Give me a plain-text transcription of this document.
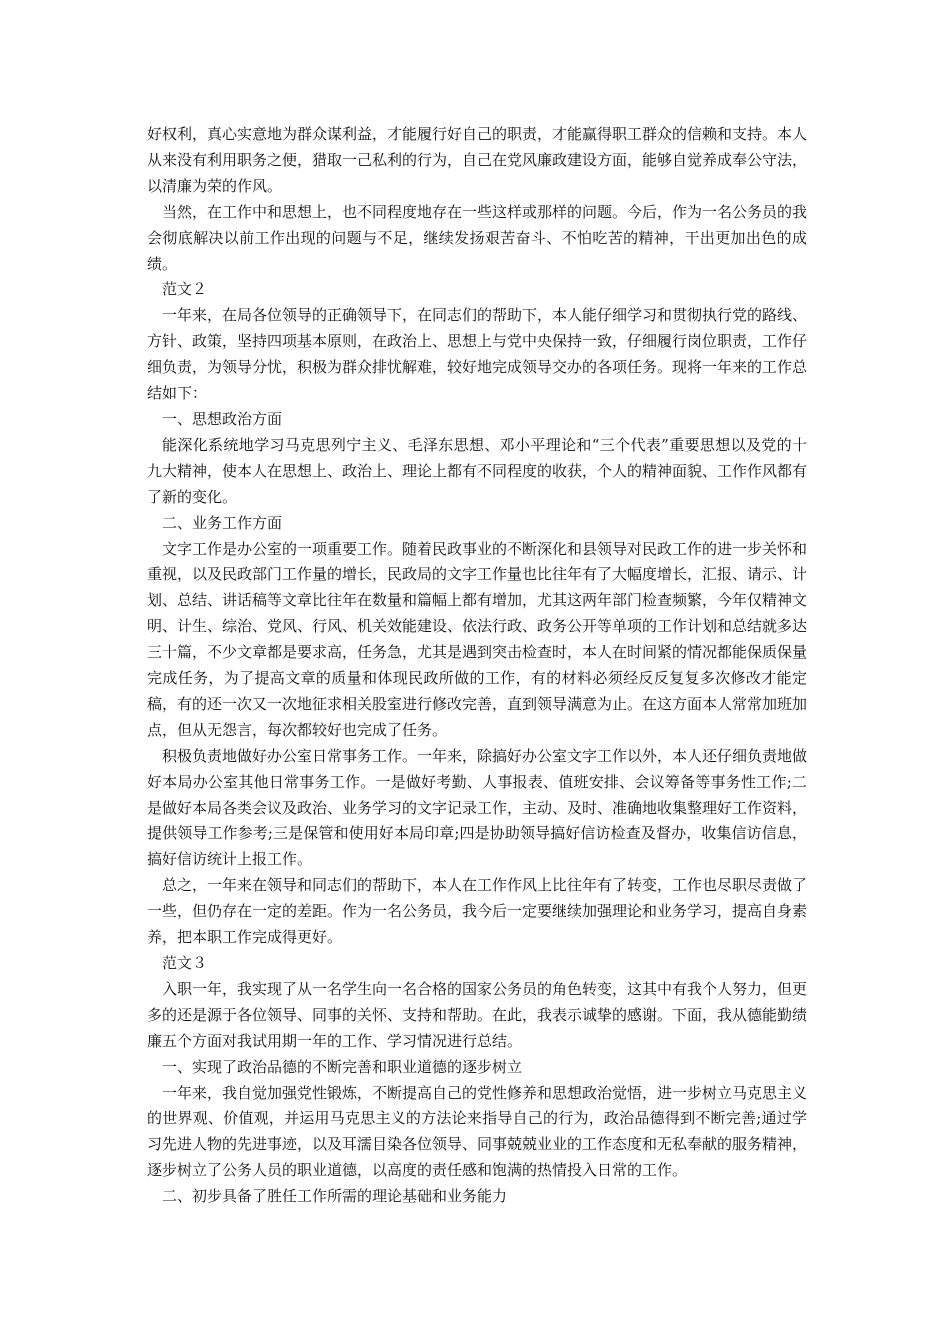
好权利，真心实意地为群众谋利益，才能履行好自己的职责，才能赢得职工群众的信赖和支持。本人从来没有利用职务之便，猎取一己私利的行为，自己在党风廉政建设方面，能够自觉养成奉公守法，以清廉为荣的作风。

当然，在工作中和思想上，也不同程度地存在一些这样或那样的问题。今后，作为一名公务员的我会彻底解决以前工作出现的问题与不足，继续发扬艰苦奋斗、不怕吃苦的精神，干出更加出色的成绩。

范文２

一年来，在局各位领导的正确领导下，在同志们的帮助下，本人能仔细学习和贯彻执行党的路线、方针、政策，坚持四项基本原则，在政治上、思想上与党中央保持一致，仔细履行岗位职责，工作仔细负责，为领导分忧，积极为群众排忧解难，较好地完成领导交办的各项任务。现将一年来的工作总结如下：

一、思想政治方面

能深化系统地学习马克思列宁主义、毛泽东思想、邓小平理论和“三个代表”重要思想以及党的十九大精神，使本人在思想上、政治上、理论上都有不同程度的收获，个人的精神面貌、工作作风都有了新的变化。

二、业务工作方面

文字工作是办公室的一项重要工作。随着民政事业的不断深化和县领导对民政工作的进一步关怀和重视，以及民政部门工作量的增长，民政局的文字工作量也比往年有了大幅度增长，汇报、请示、计划、总结、讲话稿等文章比往年在数量和篇幅上都有增加，尤其这两年部门检查频繁，今年仅精神文明、计生、综治、党风、行风、机关效能建设、依法行政、政务公开等单项的工作计划和总结就多达三十篇，不少文章都是要求高，任务急，尤其是遇到突击检查时，本人在时间紧的情况都能保质保量完成任务，为了提高文章的质量和体现民政所做的工作，有的材料必须经反反复复多次修改才能定稿，有的还一次又一次地征求相关股室进行修改完善，直到领导满意为止。在这方面本人常常加班加点，但从无怨言，每次都较好也完成了任务。

积极负责地做好办公室日常事务工作。一年来，除搞好办公室文字工作以外，本人还仔细负责地做好本局办公室其他日常事务工作。一是做好考勤、人事报表、值班安排、会议筹备等事务性工作;二是做好本局各类会议及政治、业务学习的文字记录工作，主动、及时、准确地收集整理好工作资料，提供领导工作参考;三是保管和使用好本局印章;四是协助领导搞好信访检查及督办，收集信访信息，搞好信访统计上报工作。

总之，一年来在领导和同志们的帮助下，本人在工作作风上比往年有了转变，工作也尽职尽责做了一些，但仍存在一定的差距。作为一名公务员，我今后一定要继续加强理论和业务学习，提高自身素养，把本职工作完成得更好。

范文３

入职一年，我实现了从一名学生向一名合格的国家公务员的角色转变，这其中有我个人努力，但更多的还是源于各位领导、同事的关怀、支持和帮助。在此，我表示诚挚的感谢。下面，我从德能勤绩廉五个方面对我试用期一年的工作、学习情况进行总结。

一、实现了政治品德的不断完善和职业道德的逐步树立

一年来，我自觉加强党性锻炼，不断提高自己的党性修养和思想政治觉悟，进一步树立马克思主义的世界观、价值观，并运用马克思主义的方法论来指导自己的行为，政治品德得到不断完善;通过学习先进人物的先进事迹，以及耳濡目染各位领导、同事兢兢业业的工作态度和无私奉献的服务精神，逐步树立了公务人员的职业道德，以高度的责任感和饱满的热情投入日常的工作。

二、初步具备了胜任工作所需的理论基础和业务能力
